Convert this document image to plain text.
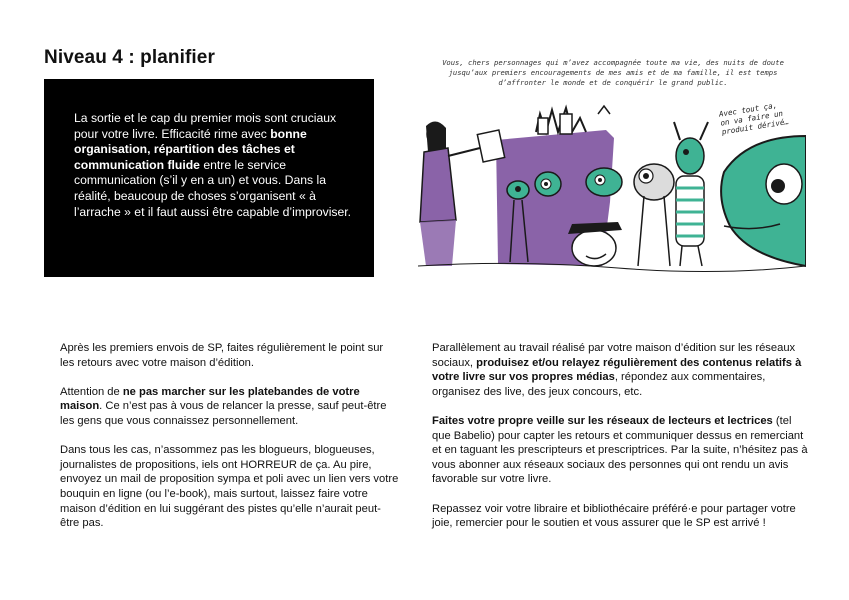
Niveau 4 : planifier

La sortie et le cap du premier mois sont cruciaux pour votre livre. Efficacité rime avec bonne organisation, répartition des tâches et communication fluide entre le service communication (s’il y en a un) et vous. Dans la réalité, beaucoup de choses s’organisent « à l’arrache » et il faut aussi être capable d’improviser.

Vous, chers personnages qui m’avez accompagnée toute ma vie, des nuits de doute jusqu’aux premiers encouragements de mes amis et de ma famille, il est temps d’affronter le monde et de conquérir le grand public.
Avec tout ça, on va faire un produit dérivé…

Après les premiers envois de SP, faites régulièrement le point sur les retours avec votre maison d’édition.

Attention de ne pas marcher sur les platebandes de votre maison. Ce n’est pas à vous de relancer la presse, sauf peut-être les gens que vous connaissez personnellement.

Dans tous les cas, n’assommez pas les blogueurs, blogueuses, journalistes de propositions, iels ont HORREUR de ça. Au pire, envoyez un mail de proposition sympa et poli avec un lien vers votre bouquin en ligne (ou l’e-book), mais surtout, laissez faire votre maison d’édition en lui suggérant des pistes qu’elle n’aurait peut-être pas.

Parallèlement au travail réalisé par votre maison d’édition sur les réseaux sociaux, produisez et/ou relayez régulièrement des contenus relatifs à votre livre sur vos propres médias, répondez aux commentaires, organisez des live, des jeux concours, etc.

Faites votre propre veille sur les réseaux de lecteurs et lectrices (tel que Babelio) pour capter les retours et communiquer dessus en remerciant et en taguant les prescripteurs et prescriptrices. Par la suite, n’hésitez pas à vous abonner aux réseaux sociaux des personnes qui ont rendu un avis favorable sur votre livre.

Repassez voir votre libraire et bibliothécaire préféré·e pour partager votre joie, remercier pour le soutien et vous assurer que le SP est arrivé !
